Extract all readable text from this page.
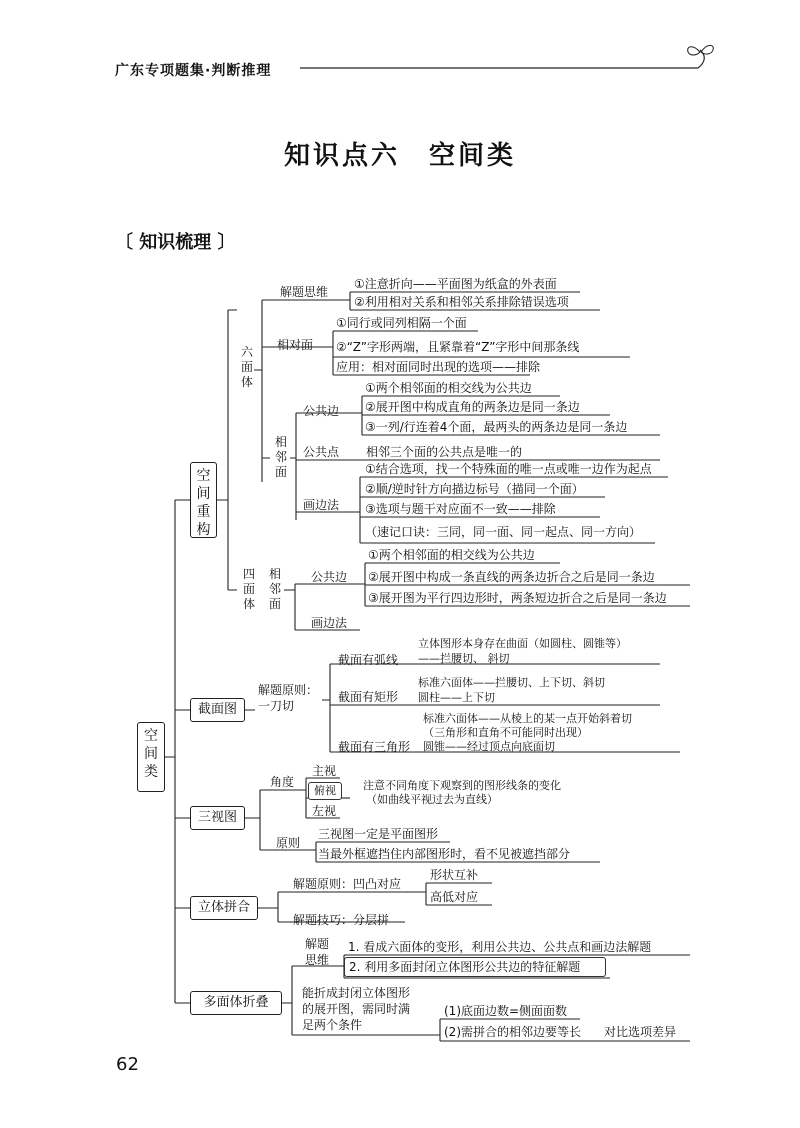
广东专项题集·判断推理
知识点六　空间类
〔 知识梳理 〕
空间类
空间重构
六面体
解题思维
①注意折向——平面图为纸盒的外表面
②利用相对关系和相邻关系排除错误选项
相对面
①同行或同列相隔一个面
②“Z”字形两端，且紧靠着“Z”字形中间那条线
应用：相对面同时出现的选项——排除
相邻面
公共边
①两个相邻面的相交线为公共边
②展开图中构成直角的两条边是同一条边
③一列/行连着4个面，最两头的两条边是同一条边
公共点 相邻三个面的公共点是唯一的
画边法
①结合选项，找一个特殊面的唯一点或唯一边作为起点
②顺/逆时针方向描边标号（描同一个面）
③选项与题干对应面不一致——排除
（速记口诀：三同，同一面、同一起点、同一方向）
四面体
相邻面
公共边
①两个相邻面的相交线为公共边
②展开图中构成一条直线的两条边折合之后是同一条边
③展开图为平行四边形时，两条短边折合之后是同一条边
画边法
截面图
解题原则：一刀切
截面有弧线
立体图形本身存在曲面（如圆柱、圆锥等）
——拦腰切、 斜切
截面有矩形
标准六面体——拦腰切、上下切、斜切
圆柱——上下切
截面有三角形
标准六面体——从棱上的某一点开始斜着切
（三角形和直角不可能同时出现）
圆锥——经过顶点向底面切
三视图
角度
主视
俯视
左视
注意不同角度下观察到的图形线条的变化
（如曲线平视过去为直线）
原则
三视图一定是平面图形
当最外框遮挡住内部图形时，看不见被遮挡部分
立体拼合
解题原则：凹凸对应
形状互补
高低对应
解题技巧：分层拼
多面体折叠
解题思维
1. 看成六面体的变形，利用公共边、公共点和画边法解题
2. 利用多面封闭立体图形公共边的特征解题
能折成封闭立体图形
的展开图，需同时满
足两个条件
(1)底面边数=侧面面数
(2)需拼合的相邻边要等长 对比选项差异
62
